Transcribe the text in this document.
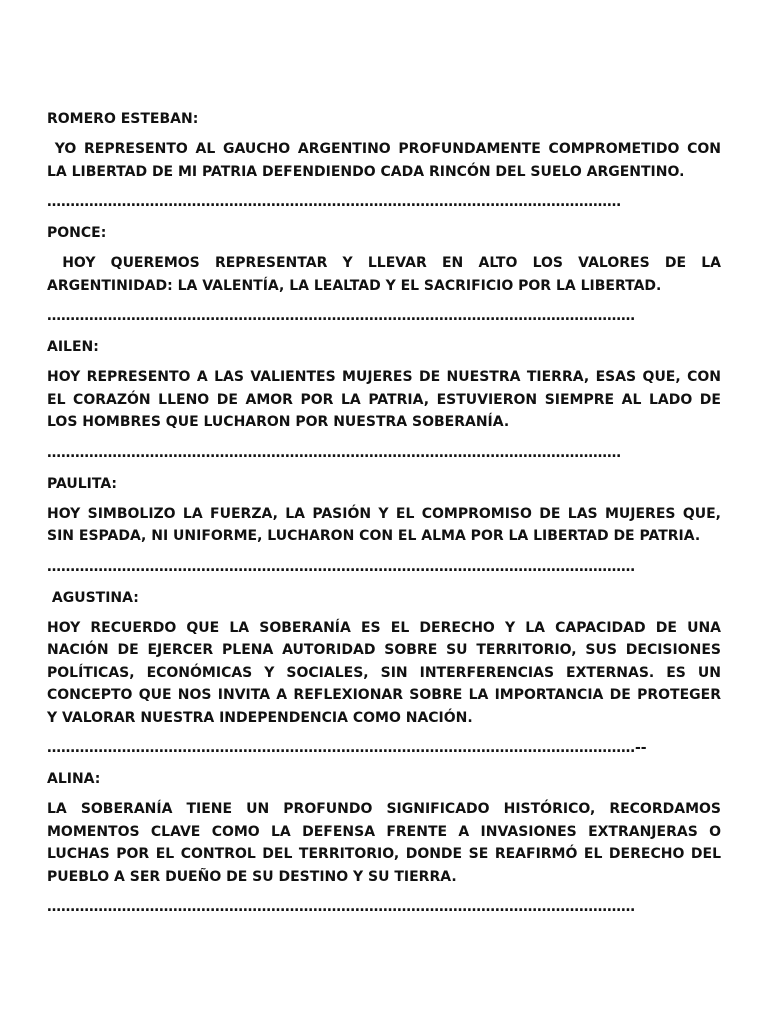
ROMERO ESTEBAN:

YO REPRESENTO AL GAUCHO ARGENTINO PROFUNDAMENTE COMPROMETIDO CON LA LIBERTAD DE MI PATRIA DEFENDIENDO CADA RINCÓN DEL SUELO ARGENTINO.

……………………………………………………………………………………………………………

PONCE:

HOY QUEREMOS REPRESENTAR Y LLEVAR EN ALTO LOS VALORES DE LA ARGENTINIDAD: LA VALENTÍA, LA LEALTAD Y EL SACRIFICIO POR LA LIBERTAD.

………………………………………………………………………………………………………………

AILEN:

HOY REPRESENTO A LAS VALIENTES MUJERES DE NUESTRA TIERRA, ESAS QUE, CON EL CORAZÓN LLENO DE AMOR POR LA PATRIA, ESTUVIERON SIEMPRE AL LADO DE LOS HOMBRES QUE LUCHARON POR NUESTRA SOBERANÍA.

……………………………………………………………………………………………………………

PAULITA:

HOY SIMBOLIZO LA FUERZA, LA PASIÓN Y EL COMPROMISO DE LAS MUJERES QUE, SIN ESPADA, NI UNIFORME, LUCHARON CON EL ALMA POR LA LIBERTAD DE PATRIA.

………………………………………………………………………………………………………………

AGUSTINA:

HOY RECUERDO QUE LA SOBERANÍA ES EL DERECHO Y LA CAPACIDAD DE UNA NACIÓN DE EJERCER PLENA AUTORIDAD SOBRE SU TERRITORIO, SUS DECISIONES POLÍTICAS, ECONÓMICAS Y SOCIALES, SIN INTERFERENCIAS EXTERNAS. ES UN CONCEPTO QUE NOS INVITA A REFLEXIONAR SOBRE LA IMPORTANCIA DE PROTEGER Y VALORAR NUESTRA INDEPENDENCIA COMO NACIÓN.

………………………………………………………………………………………………………………--

ALINA:

LA SOBERANÍA TIENE UN PROFUNDO SIGNIFICADO HISTÓRICO, RECORDAMOS MOMENTOS CLAVE COMO LA DEFENSA FRENTE A INVASIONES EXTRANJERAS O LUCHAS POR EL CONTROL DEL TERRITORIO, DONDE SE REAFIRMÓ EL DERECHO DEL PUEBLO A SER DUEÑO DE SU DESTINO Y SU TIERRA.

………………………………………………………………………………………………………………
